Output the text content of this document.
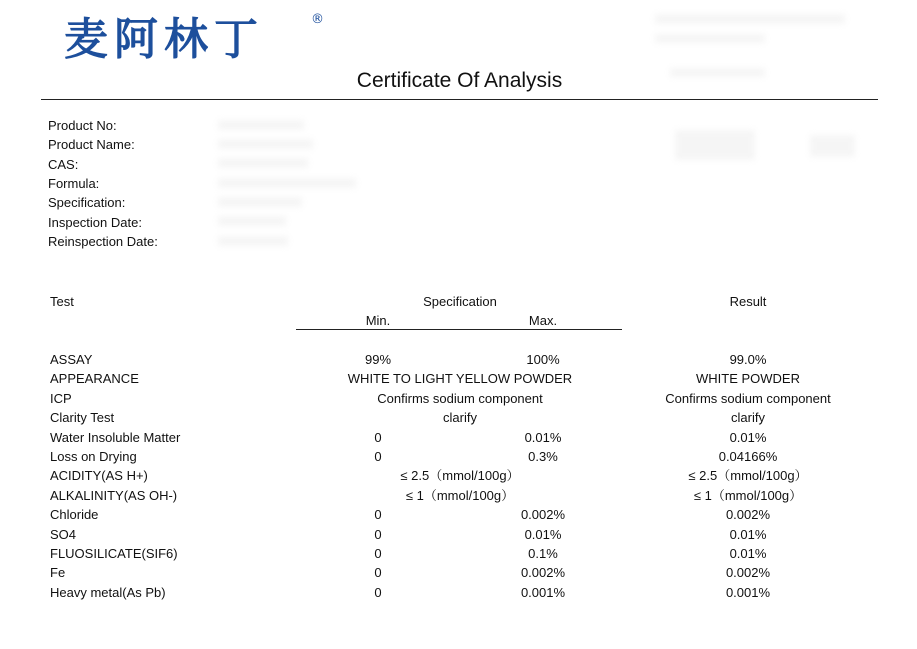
麦阿林丁	®
Certificate Of Analysis
Product No:
Product Name:
CAS:
Formula:
Specification:
Inspection Date:
Reinspection Date:
Test	Specification	Result
Min.	Max.
ASSAY	99%	100%	99.0%
APPEARANCE	WHITE TO LIGHT YELLOW POWDER	WHITE POWDER
ICP	Confirms sodium component	Confirms sodium component
Clarity Test	clarify	clarify
Water Insoluble Matter	0	0.01%	0.01%
Loss on Drying	0	0.3%	0.04166%
ACIDITY(AS H+)	≤ 2.5（mmol/100g）	≤ 2.5（mmol/100g）
ALKALINITY(AS OH-)	≤ 1（mmol/100g）	≤ 1（mmol/100g）
Chloride	0	0.002%	0.002%
SO4	0	0.01%	0.01%
FLUOSILICATE(SIF6)	0	0.1%	0.01%
Fe	0	0.002%	0.002%
Heavy metal(As Pb)	0	0.001%	0.001%
